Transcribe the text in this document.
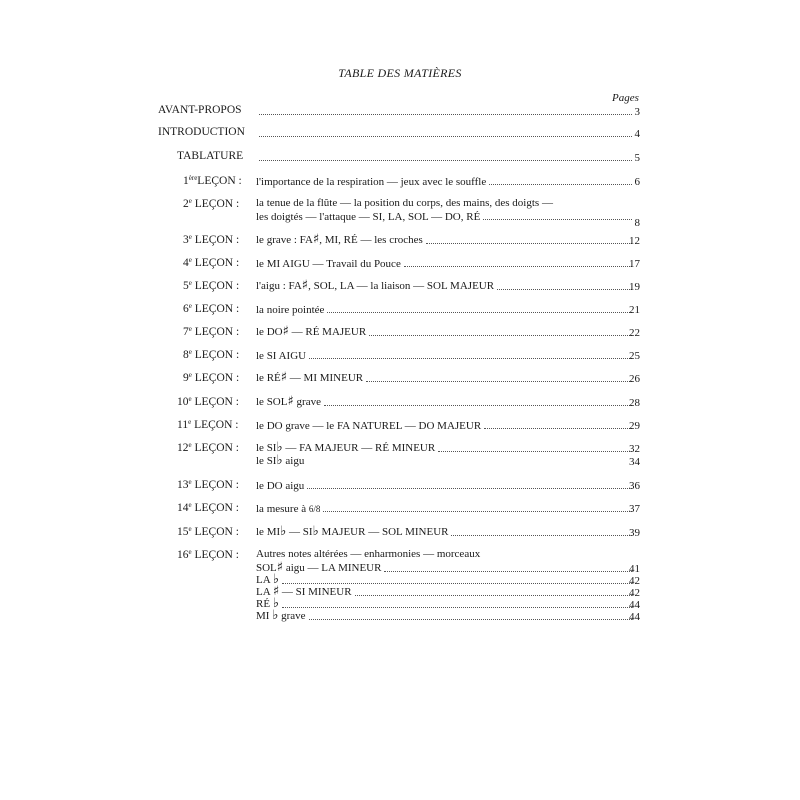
TABLE DES MATIÈRES
Pages
AVANT-PROPOS	3
INTRODUCTION	4
TABLATURE	5
1èreLEÇON : l'importance de la respiration — jeux avec le souffle	6
2e LEÇON : la tenue de la flûte — la position du corps, des mains, des doigts —
les doigtés — l'attaque — SI, LA, SOL — DO, RÉ	8
3e LEÇON : le grave : FA♯, MI, RÉ — les croches	12
4e LEÇON : le MI AIGU — Travail du Pouce	17
5e LEÇON : l'aigu : FA♯, SOL, LA — la liaison — SOL MAJEUR	19
6e LEÇON : la noire pointée	21
7e LEÇON : le DO♯ — RÉ MAJEUR	22
8e LEÇON : le SI AIGU	25
9e LEÇON : le RÉ♯ — MI MINEUR	26
10e LEÇON : le SOL♯ grave	28
11e LEÇON : le DO grave — le FA NATUREL — DO MAJEUR	29
12e LEÇON : le SI♭ — FA MAJEUR — RÉ MINEUR	32
le SI♭ aigu	34
13e LEÇON : le DO aigu	36
14e LEÇON : la mesure à 6/8	37
15e LEÇON : le MI♭ — SI♭ MAJEUR — SOL MINEUR	39
16e LEÇON : Autres notes altérées — enharmonies — morceaux
SOL♯ aigu — LA MINEUR	41
LA ♭	42
LA ♯ — SI MINEUR	42
RÉ ♭	44
MI ♭ grave	44
